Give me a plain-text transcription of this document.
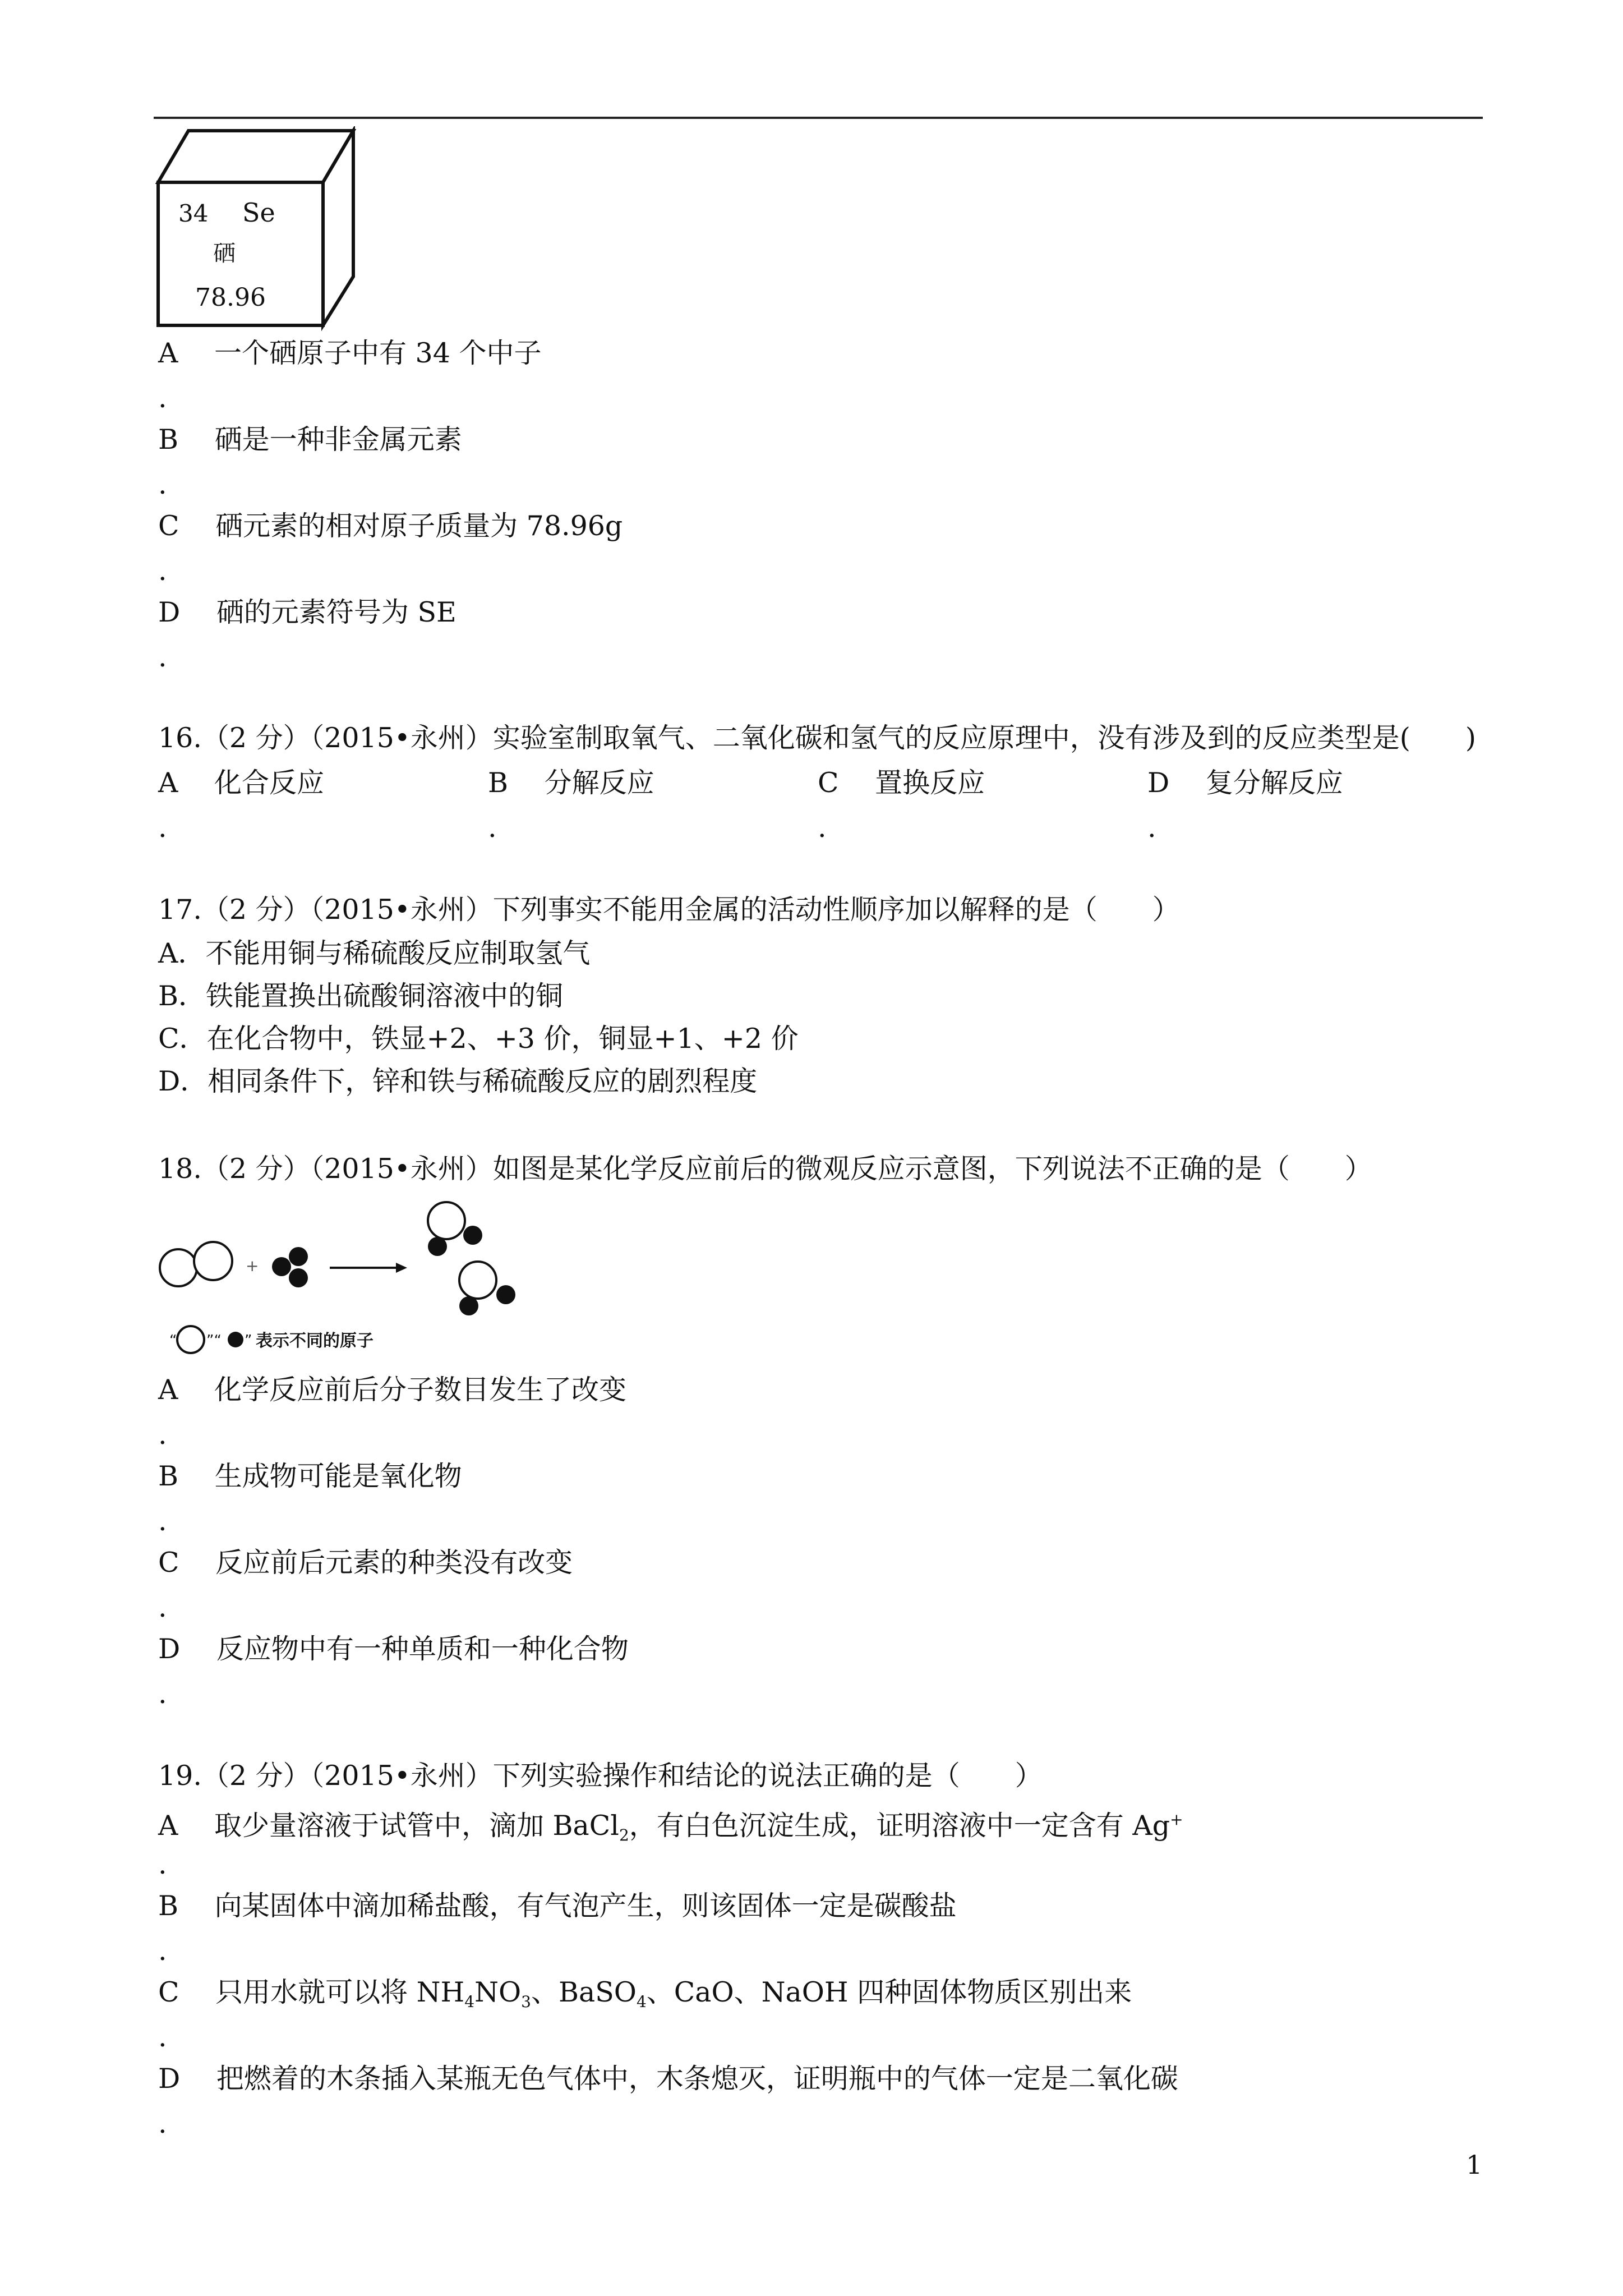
34 Se
硒
78.96
A　 一个硒原子中有 34 个中子
.
B　 硒是一种非金属元素
.
C　 硒元素的相对原子质量为 78.96g
.
D　 硒的元素符号为 SE
.
16.（2 分）（2015•永州）实验室制取氧气、二氧化碳和氢气的反应原理中，没有涉及到的反应类型是(　　)
A　 化合反应	B　 分解反应	C　 置换反应	D　 复分解反应
.	.	.	.
17.（2 分）（2015•永州）下列事实不能用金属的活动性顺序加以解释的是（　　）
A．不能用铜与稀硫酸反应制取氢气
B．铁能置换出硫酸铜溶液中的铜
C．在化合物中，铁显+2、+3 价，铜显+1、+2 价
D．相同条件下，锌和铁与稀硫酸反应的剧烈程度
18.（2 分）（2015•永州）如图是某化学反应前后的微观反应示意图，下列说法不正确的是（　　）
+
“ ”“ ” 表示不同的原子
A　 化学反应前后分子数目发生了改变
.
B　 生成物可能是氧化物
.
C　 反应前后元素的种类没有改变
.
D　 反应物中有一种单质和一种化合物
.
19.（2 分）（2015•永州）下列实验操作和结论的说法正确的是（　　）
A　 取少量溶液于试管中，滴加 BaCl$_2$，有白色沉淀生成，证明溶液中一定含有 Ag+
.
B　 向某固体中滴加稀盐酸，有气泡产生，则该固体一定是碳酸盐
.
C　 只用水就可以将 $NH_4NO_3$、BaSO$_4$、CaO、NaOH 四种固体物质区别出来
.
D　 把燃着的木条插入某瓶无色气体中，木条熄灭，证明瓶中的气体一定是二氧化碳
.
1
